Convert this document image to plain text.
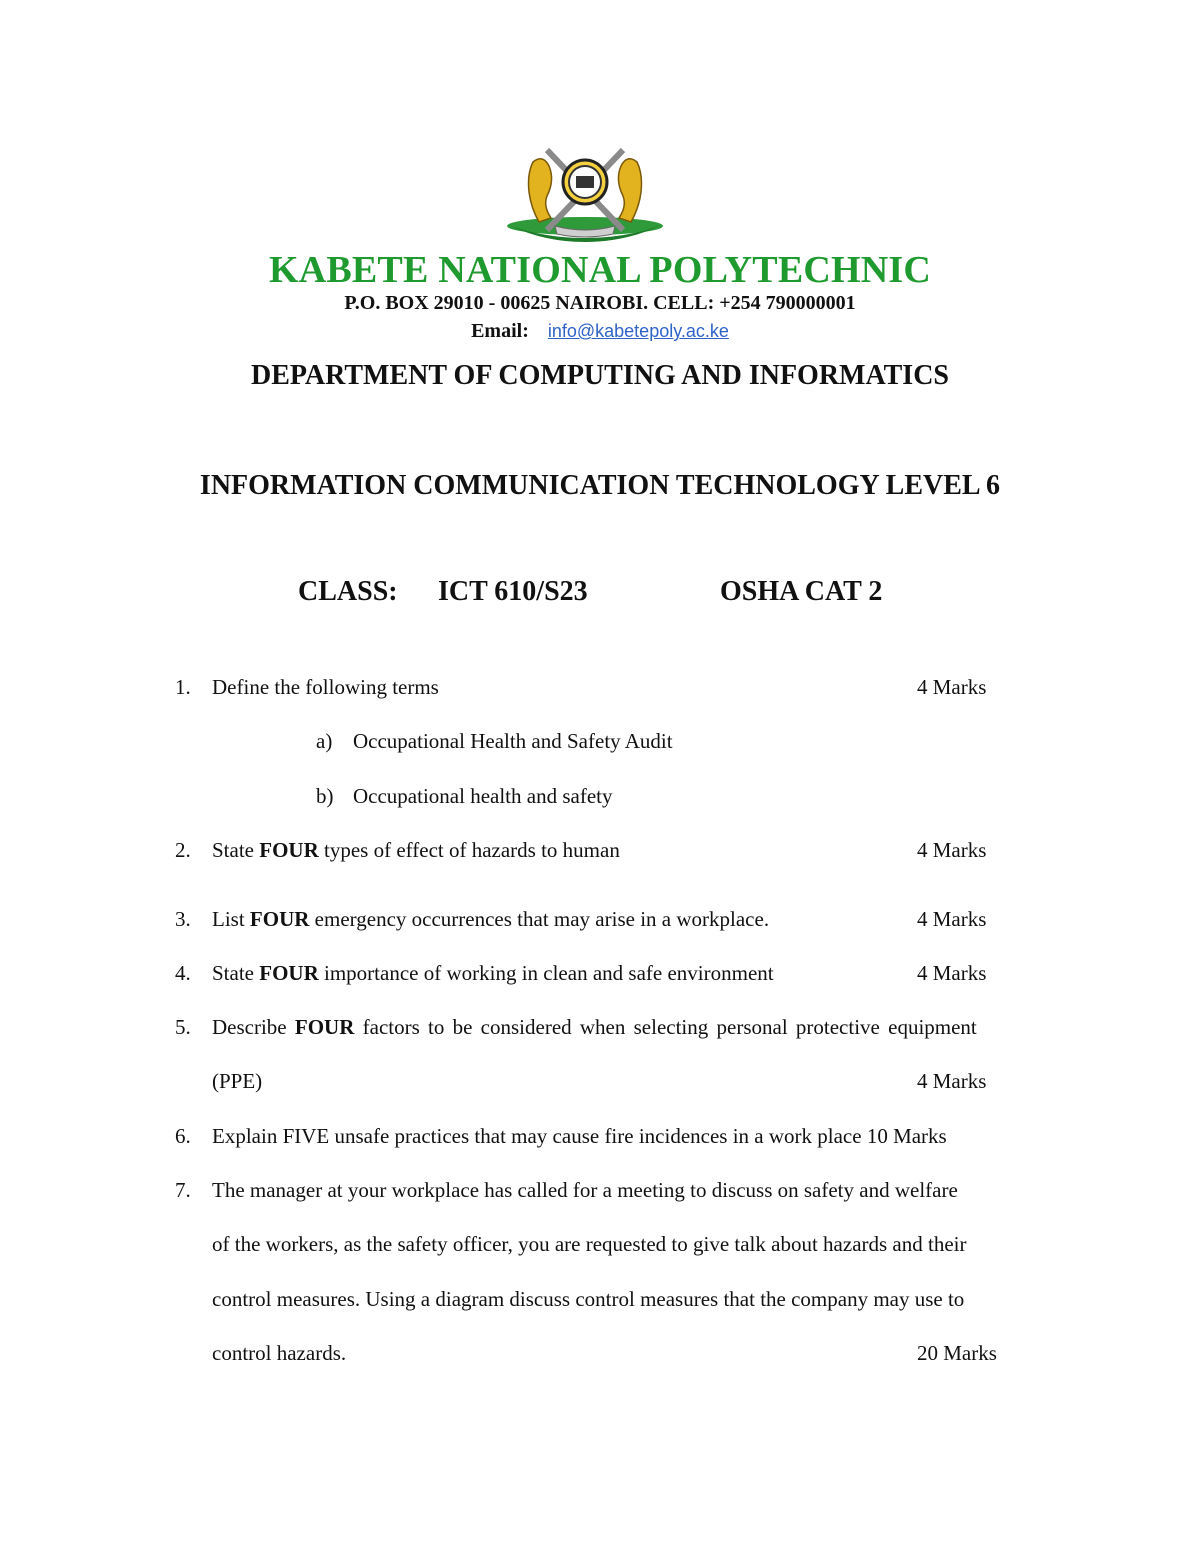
KABETE NATIONAL POLYTECHNIC
P.O. BOX 29010 - 00625 NAIROBI. CELL: +254 790000001
Email: info@kabetepoly.ac.ke
DEPARTMENT OF COMPUTING AND INFORMATICS
INFORMATION COMMUNICATION TECHNOLOGY LEVEL 6
CLASS: ICT 610/S23	OSHA CAT 2
1. Define the following terms	4 Marks
a) Occupational Health and Safety Audit
b) Occupational health and safety
2. State FOUR types of effect of hazards to human	4 Marks
3. List FOUR emergency occurrences that may arise in a workplace.	4 Marks
4. State FOUR importance of working in clean and safe environment	4 Marks
5. Describe FOUR factors to be considered when selecting personal protective equipment
(PPE)	4 Marks
6. Explain FIVE unsafe practices that may cause fire incidences in a work place 10 Marks
7. The manager at your workplace has called for a meeting to discuss on safety and welfare
of the workers, as the safety officer, you are requested to give talk about hazards and their
control measures. Using a diagram discuss control measures that the company may use to
control hazards.	20 Marks
